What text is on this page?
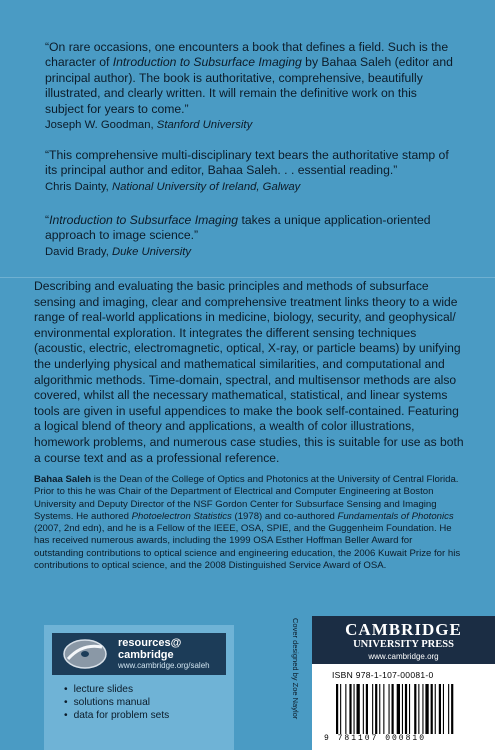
“On rare occasions, one encounters a book that defines a field. Such is the character of Introduction to Subsurface Imaging by Bahaa Saleh (editor and principal author). The book is authoritative, comprehensive, beautifully illustrated, and clearly written. It will remain the definitive work on this subject for years to come.”

Joseph W. Goodman, Stanford University

“This comprehensive multi-disciplinary text bears the authoritative stamp of its principal author and editor, Bahaa Saleh. . . essential reading.”

Chris Dainty, National University of Ireland, Galway

“Introduction to Subsurface Imaging takes a unique application-oriented approach to image science.”

David Brady, Duke University

Describing and evaluating the basic principles and methods of subsurface sensing and imaging, clear and comprehensive treatment links theory to a wide range of real-world applications in medicine, biology, security, and geophysical/ environmental exploration. It integrates the different sensing techniques (acoustic, electric, electromagnetic, optical, X-ray, or particle beams) by unifying the underlying physical and mathematical similarities, and computational and algorithmic methods. Time-domain, spectral, and multisensor methods are also covered, whilst all the necessary mathematical, statistical, and linear systems tools are given in useful appendices to make the book self-contained. Featuring a logical blend of theory and applications, a wealth of color illustrations, homework problems, and numerous case studies, this is suitable for use as both a course text and as a professional reference.

Bahaa Saleh is the Dean of the College of Optics and Photonics at the University of Central Florida. Prior to this he was Chair of the Department of Electrical and Computer Engineering at Boston University and Deputy Director of the NSF Gordon Center for Subsurface Sensing and Imaging Systems. He authored Photoelectron Statistics (1978) and co-authored Fundamentals of Photonics (2007, 2nd edn), and he is a Fellow of the IEEE, OSA, SPIE, and the Guggenheim Foundation. He has received numerous awards, including the 1999 OSA Esther Hoffman Beller Award for outstanding contributions to optical science and engineering education, the 2006 Kuwait Prize for his contributions to optical science, and the 2008 Distinguished Service Award of OSA.

resources@
cambridge
www.cambridge.org/saleh
• lecture slides
• solutions manual
• data for problem sets	Cover designed by Zoe Naylor	CAMBRIDGE
UNIVERSITY PRESS
www.cambridge.org
ISBN 978-1-107-00081-0
9 781107 000810
